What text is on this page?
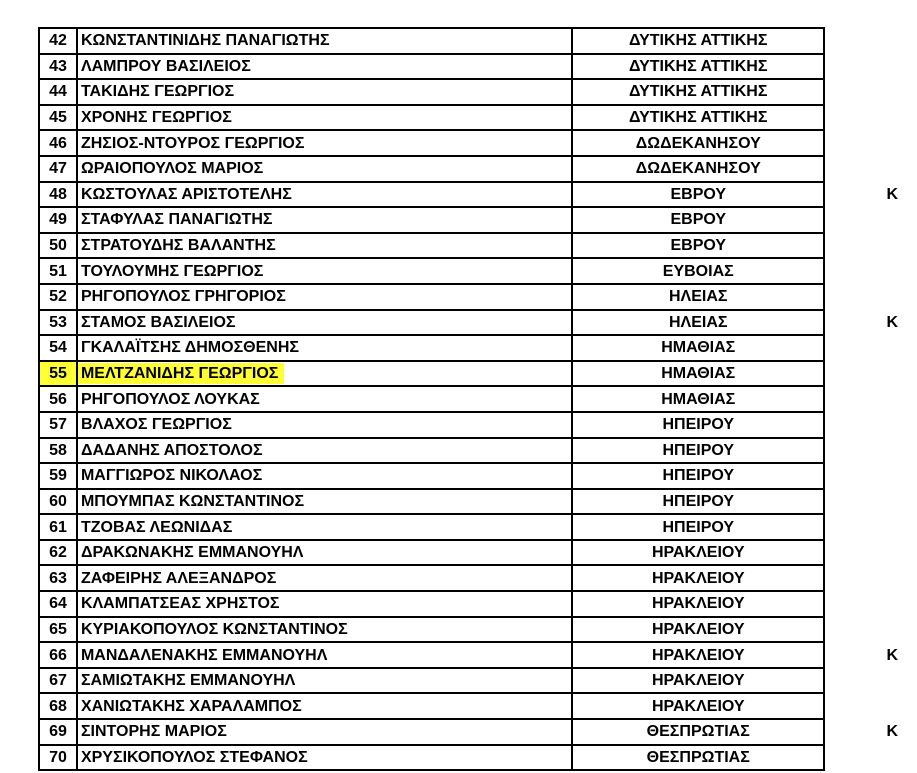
42	ΚΩΝΣΤΑΝΤΙΝΙΔΗΣ ΠΑΝΑΓΙΩΤΗΣ	ΔΥΤΙΚΗΣ ΑΤΤΙΚΗΣ	
43	ΛΑΜΠΡΟΥ ΒΑΣΙΛΕΙΟΣ	ΔΥΤΙΚΗΣ ΑΤΤΙΚΗΣ	
44	ΤΑΚΙΔΗΣ ΓΕΩΡΓΙΟΣ	ΔΥΤΙΚΗΣ ΑΤΤΙΚΗΣ	
45	ΧΡΟΝΗΣ ΓΕΩΡΓΙΟΣ	ΔΥΤΙΚΗΣ ΑΤΤΙΚΗΣ	
46	ΖΗΣΙΟΣ-ΝΤΟΥΡΟΣ ΓΕΩΡΓΙΟΣ	ΔΩΔΕΚΑΝΗΣΟΥ	
47	ΩΡΑΙΟΠΟΥΛΟΣ ΜΑΡΙΟΣ	ΔΩΔΕΚΑΝΗΣΟΥ	
48	ΚΩΣΤΟΥΛΑΣ ΑΡΙΣΤΟΤΕΛΗΣ	ΕΒΡΟΥ	Κ
49	ΣΤΑΦΥΛΑΣ ΠΑΝΑΓΙΩΤΗΣ	ΕΒΡΟΥ	
50	ΣΤΡΑΤΟΥΔΗΣ ΒΑΛΑΝΤΗΣ	ΕΒΡΟΥ	
51	ΤΟΥΛΟΥΜΗΣ ΓΕΩΡΓΙΟΣ	ΕΥΒΟΙΑΣ	
52	ΡΗΓΟΠΟΥΛΟΣ ΓΡΗΓΟΡΙΟΣ	ΗΛΕΙΑΣ	
53	ΣΤΑΜΟΣ ΒΑΣΙΛΕΙΟΣ	ΗΛΕΙΑΣ	Κ
54	ΓΚΑΛΑΪΤΣΗΣ ΔΗΜΟΣΘΕΝΗΣ	ΗΜΑΘΙΑΣ	
55	ΜΕΛΤΖΑΝΙΔΗΣ ΓΕΩΡΓΙΟΣ	ΗΜΑΘΙΑΣ	
56	ΡΗΓΟΠΟΥΛΟΣ ΛΟΥΚΑΣ	ΗΜΑΘΙΑΣ	
57	ΒΛΑΧΟΣ ΓΕΩΡΓΙΟΣ	ΗΠΕΙΡΟΥ	
58	ΔΑΔΑΝΗΣ ΑΠΟΣΤΟΛΟΣ	ΗΠΕΙΡΟΥ	
59	ΜΑΓΓΙΩΡΟΣ ΝΙΚΟΛΑΟΣ	ΗΠΕΙΡΟΥ	
60	ΜΠΟΥΜΠΑΣ ΚΩΝΣΤΑΝΤΙΝΟΣ	ΗΠΕΙΡΟΥ	
61	ΤΖΟΒΑΣ ΛΕΩΝΙΔΑΣ	ΗΠΕΙΡΟΥ	
62	ΔΡΑΚΩΝΑΚΗΣ ΕΜΜΑΝΟΥΗΛ	ΗΡΑΚΛΕΙΟΥ	
63	ΖΑΦΕΙΡΗΣ ΑΛΕΞΑΝΔΡΟΣ	ΗΡΑΚΛΕΙΟΥ	
64	ΚΛΑΜΠΑΤΣΕΑΣ ΧΡΗΣΤΟΣ	ΗΡΑΚΛΕΙΟΥ	
65	ΚΥΡΙΑΚΟΠΟΥΛΟΣ ΚΩΝΣΤΑΝΤΙΝΟΣ	ΗΡΑΚΛΕΙΟΥ	
66	ΜΑΝΔΑΛΕΝΑΚΗΣ ΕΜΜΑΝΟΥΗΛ	ΗΡΑΚΛΕΙΟΥ	Κ
67	ΣΑΜΙΩΤΑΚΗΣ ΕΜΜΑΝΟΥΗΛ	ΗΡΑΚΛΕΙΟΥ	
68	ΧΑΝΙΩΤΑΚΗΣ ΧΑΡΑΛΑΜΠΟΣ	ΗΡΑΚΛΕΙΟΥ	
69	ΣΙΝΤΟΡΗΣ ΜΑΡΙΟΣ	ΘΕΣΠΡΩΤΙΑΣ	Κ
70	ΧΡΥΣΙΚΟΠΟΥΛΟΣ ΣΤΕΦΑΝΟΣ	ΘΕΣΠΡΩΤΙΑΣ	
